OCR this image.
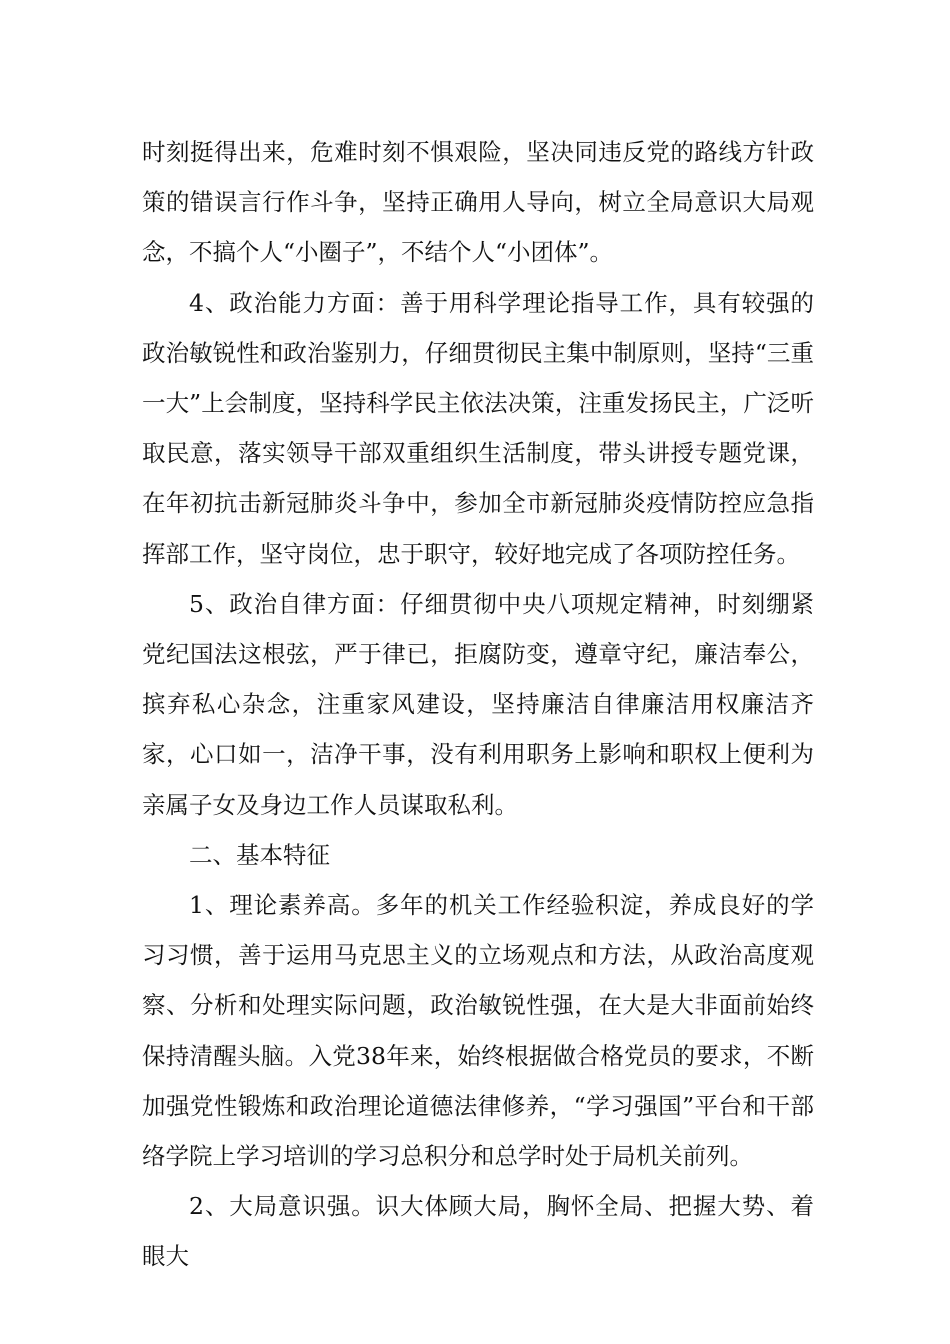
时刻挺得出来，危难时刻不惧艰险，坚决同违反党的路线方针政策的错误言行作斗争，坚持正确用人导向，树立全局意识大局观念，不搞个人“小圈子”，不结个人“小团体”。

4、政治能力方面：善于用科学理论指导工作，具有较强的政治敏锐性和政治鉴别力，仔细贯彻民主集中制原则，坚持“三重一大”上会制度，坚持科学民主依法决策，注重发扬民主，广泛听取民意，落实领导干部双重组织生活制度，带头讲授专题党课，在年初抗击新冠肺炎斗争中，参加全市新冠肺炎疫情防控应急指挥部工作，坚守岗位，忠于职守，较好地完成了各项防控任务。

5、政治自律方面：仔细贯彻中央八项规定精神，时刻绷紧党纪国法这根弦，严于律已，拒腐防变，遵章守纪，廉洁奉公，摈弃私心杂念，注重家风建设，坚持廉洁自律廉洁用权廉洁齐家，心口如一，洁净干事，没有利用职务上影响和职权上便利为亲属子女及身边工作人员谋取私利。

二、基本特征

1、理论素养高。多年的机关工作经验积淀，养成良好的学习习惯，善于运用马克思主义的立场观点和方法，从政治高度观察、分析和处理实际问题，政治敏锐性强，在大是大非面前始终保持清醒头脑。入党38年来，始终根据做合格党员的要求，不断加强党性锻炼和政治理论道德法律修养，“学习强国”平台和干部络学院上学习培训的学习总积分和总学时处于局机关前列。

2、大局意识强。识大体顾大局，胸怀全局、把握大势、着眼大
